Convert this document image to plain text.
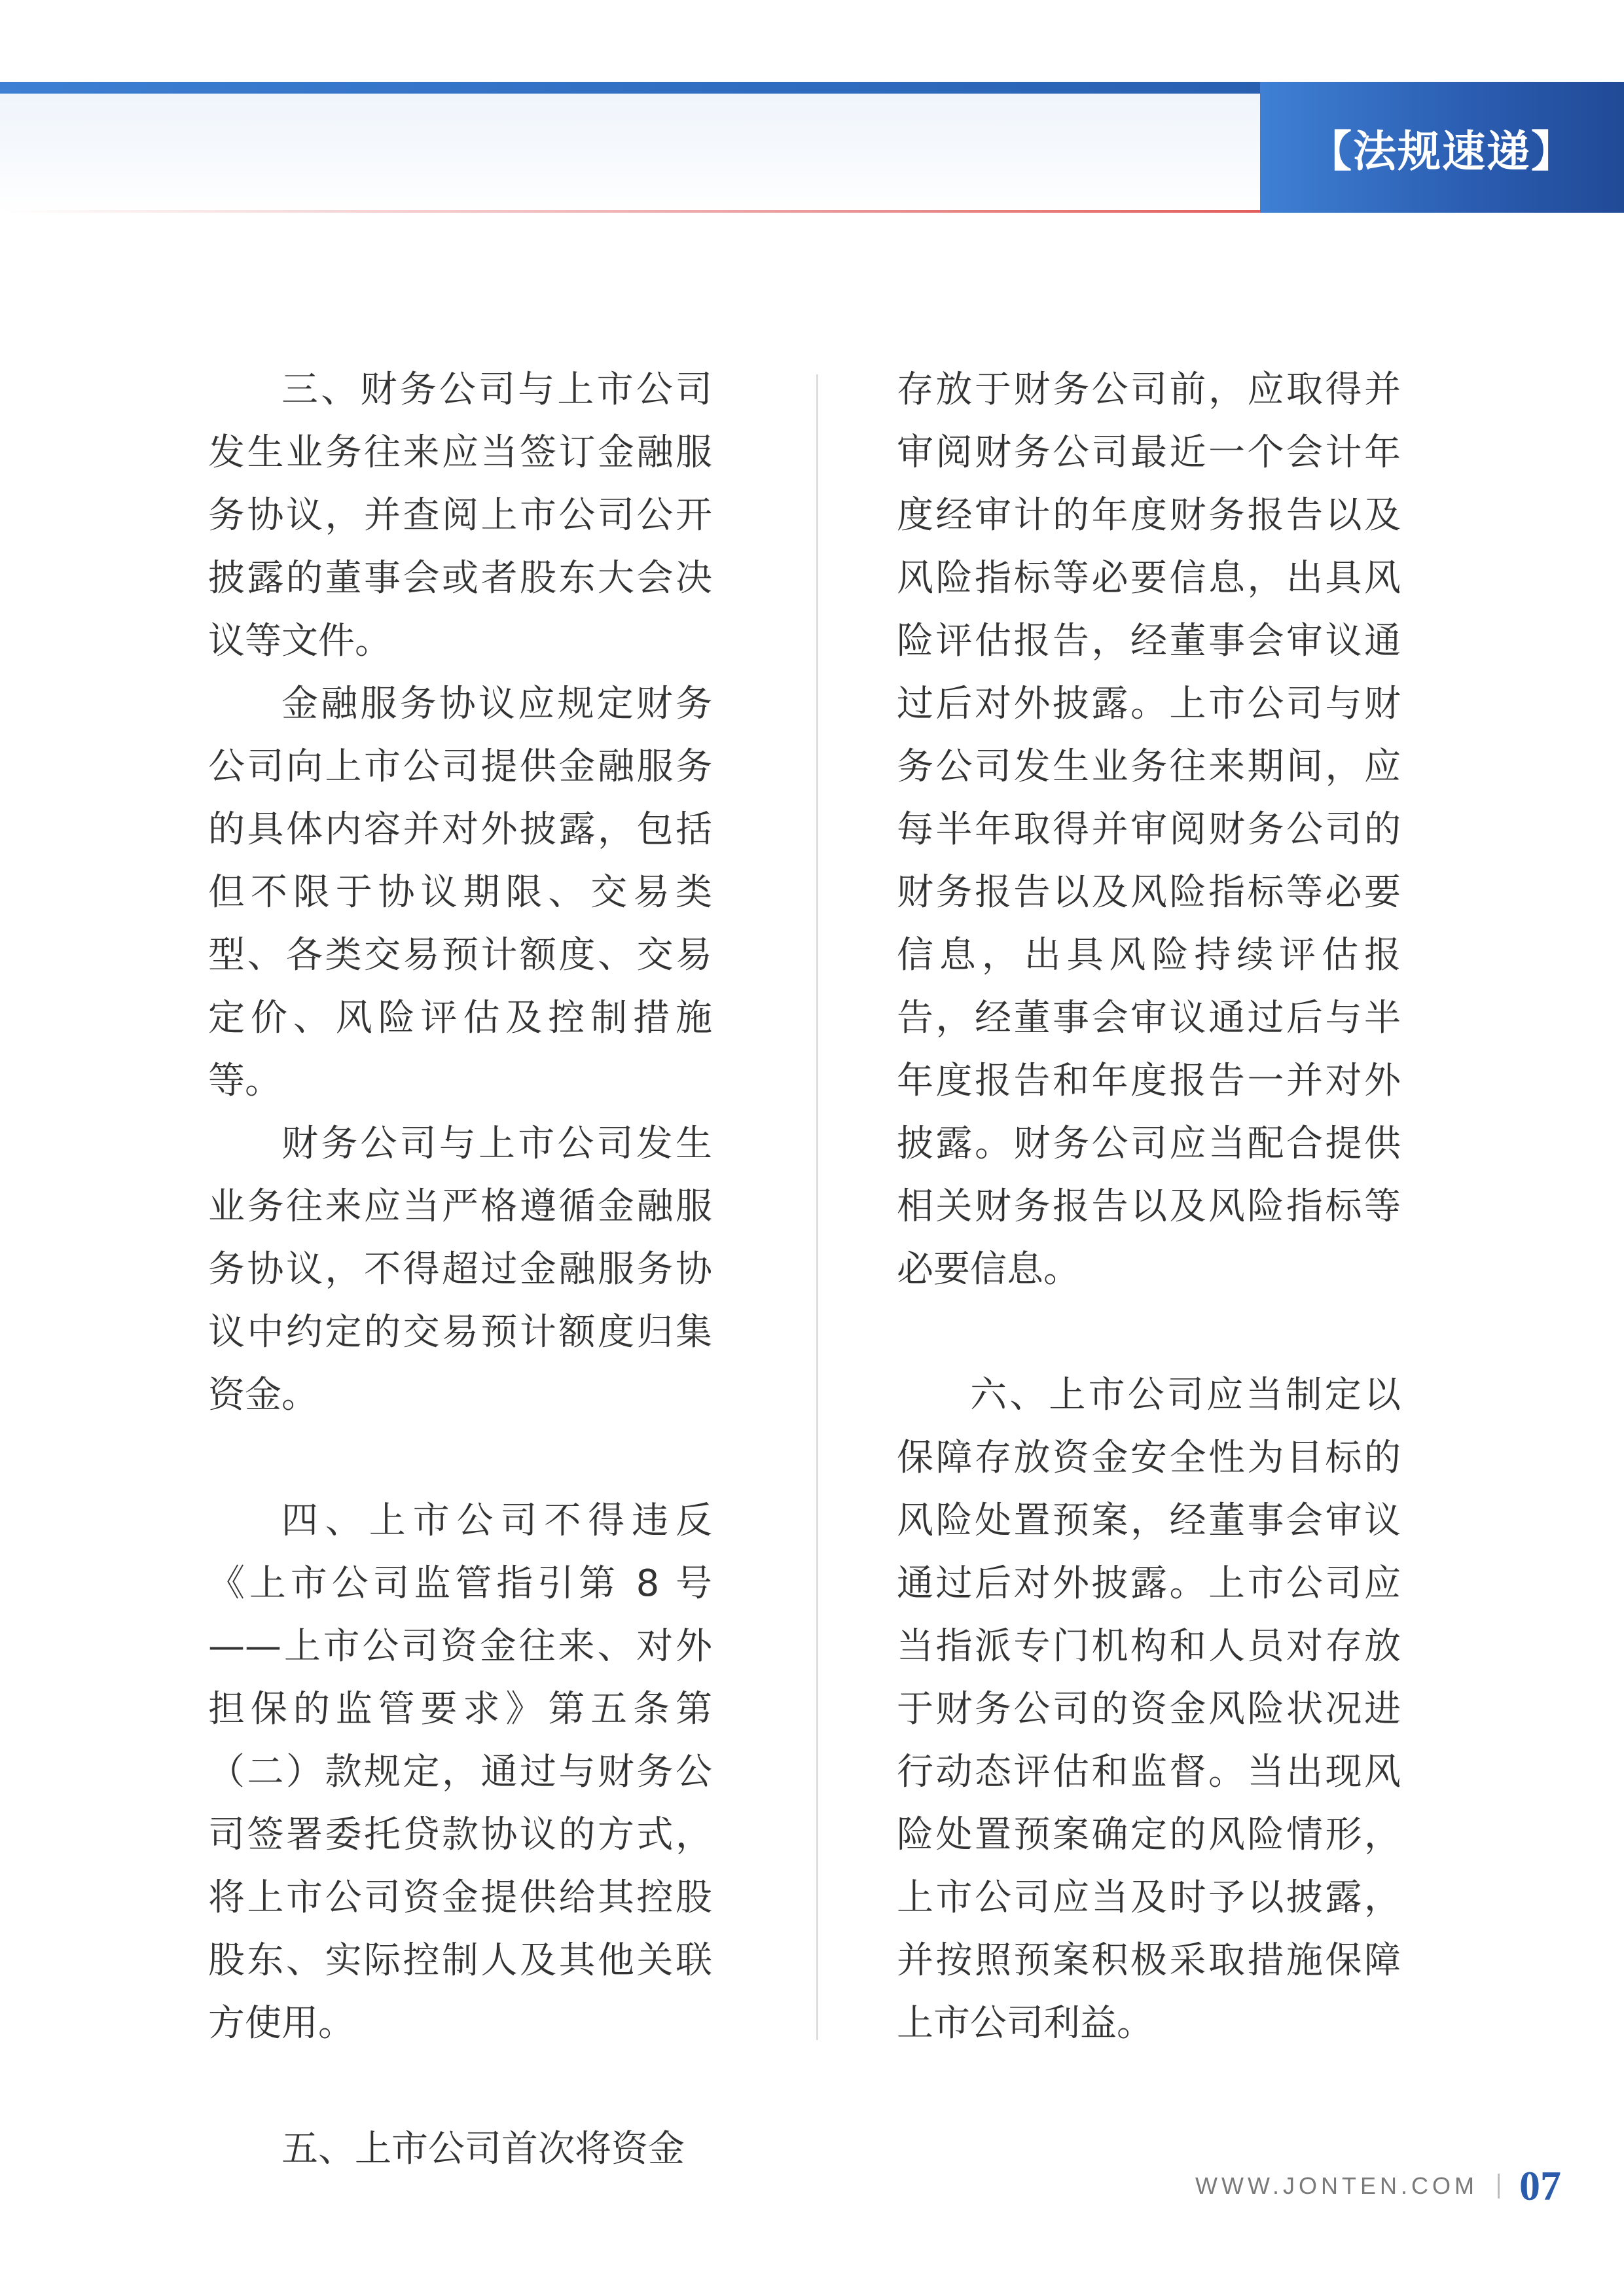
【法规速递】

三、财务公司与上市公司发生业务往来应当签订金融服务协议，并查阅上市公司公开披露的董事会或者股东大会决议等文件。

金融服务协议应规定财务公司向上市公司提供金融服务的具体内容并对外披露，包括但不限于协议期限、交易类型、各类交易预计额度、交易定价、风险评估及控制措施等。

财务公司与上市公司发生业务往来应当严格遵循金融服务协议，不得超过金融服务协议中约定的交易预计额度归集资金。

四、上市公司不得违反《上市公司监管指引第 8 号——上市公司资金往来、对外担保的监管要求》第五条第（二）款规定，通过与财务公司签署委托贷款协议的方式，将上市公司资金提供给其控股股东、实际控制人及其他关联方使用。

五、上市公司首次将资金

存放于财务公司前，应取得并审阅财务公司最近一个会计年度经审计的年度财务报告以及风险指标等必要信息，出具风险评估报告，经董事会审议通过后对外披露。上市公司与财务公司发生业务往来期间，应每半年取得并审阅财务公司的财务报告以及风险指标等必要信息，出具风险持续评估报告，经董事会审议通过后与半年度报告和年度报告一并对外披露。财务公司应当配合提供相关财务报告以及风险指标等必要信息。

六、上市公司应当制定以保障存放资金安全性为目标的风险处置预案，经董事会审议通过后对外披露。上市公司应当指派专门机构和人员对存放于财务公司的资金风险状况进行动态评估和监督。当出现风险处置预案确定的风险情形，上市公司应当及时予以披露，并按照预案积极采取措施保障上市公司利益。

WWW.JONTEN.COM 07
